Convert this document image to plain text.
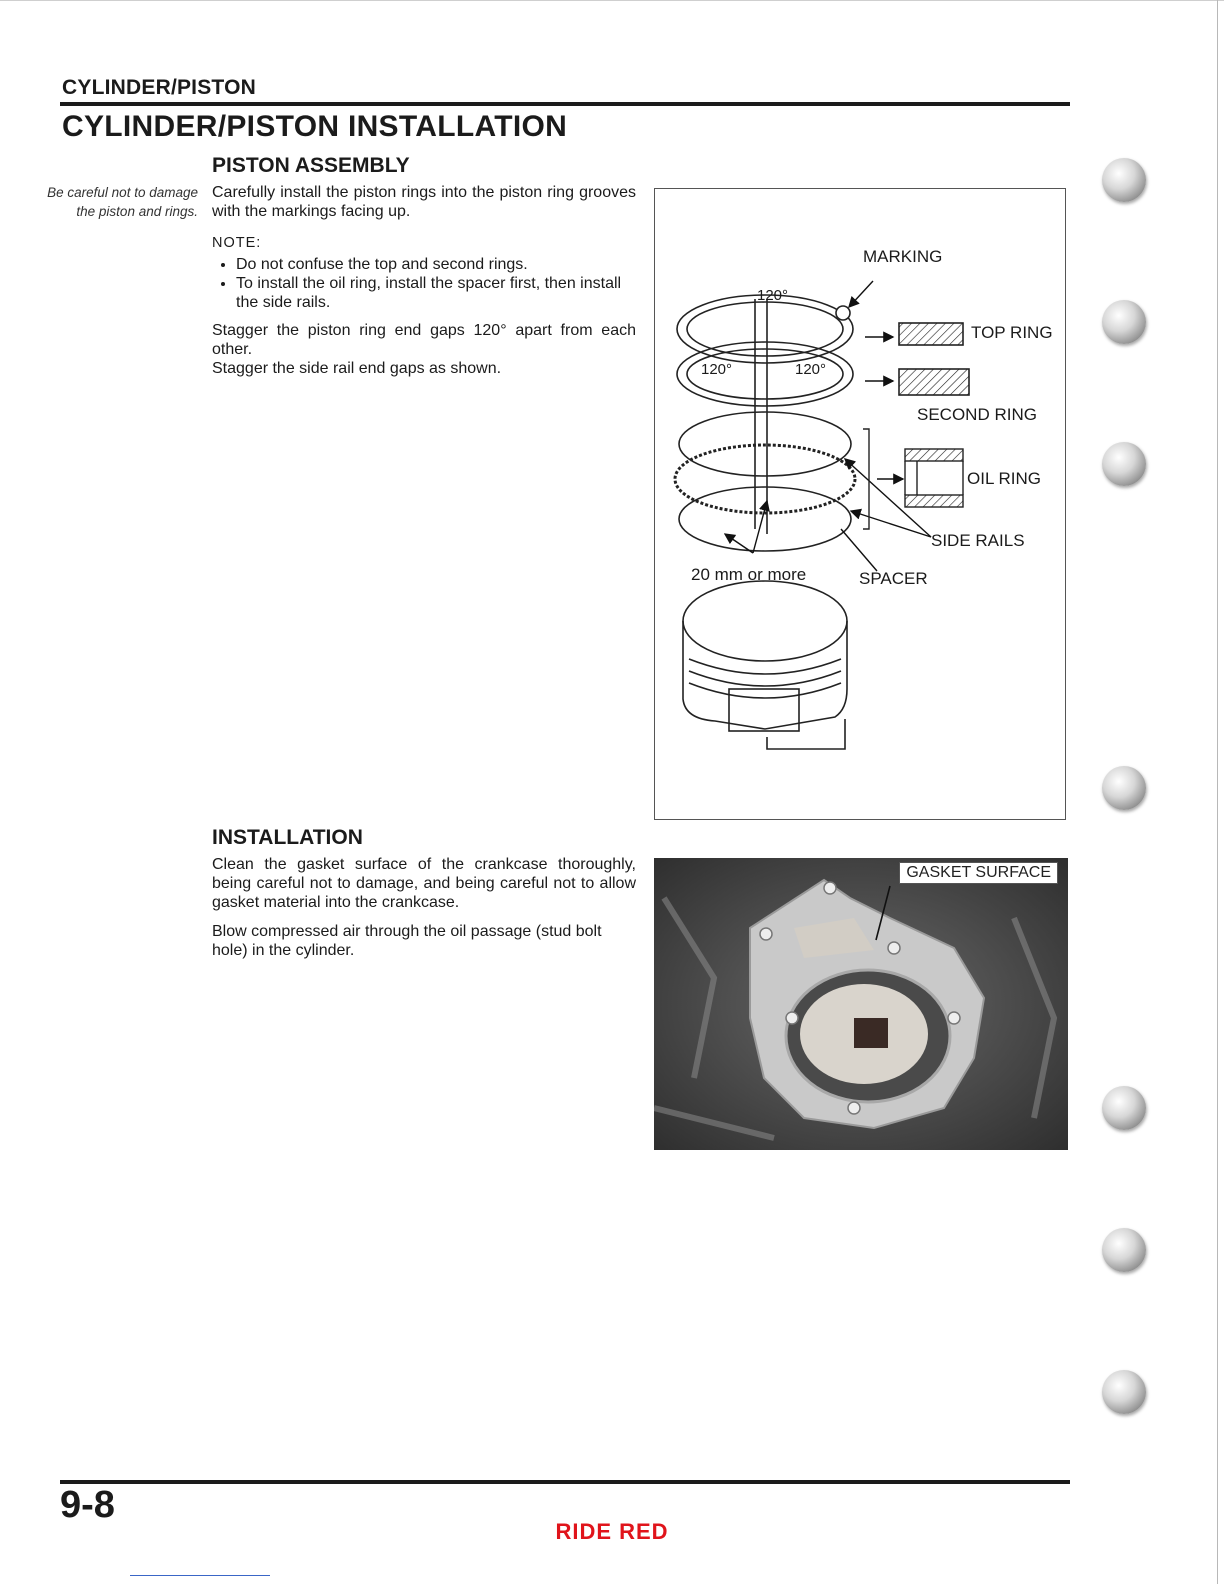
CYLINDER/PISTON
CYLINDER/PISTON INSTALLATION
PISTON ASSEMBLY
Be careful not to damage the piston and rings.
Carefully install the piston rings into the piston ring grooves with the markings facing up.
NOTE:
• Do not confuse the top and second rings.
• To install the oil ring, install the spacer first, then install the side rails.
Stagger the piston ring end gaps 120° apart from each other.
Stagger the side rail end gaps as shown.
MARKING
120°
120°	120°
TOP RING
SECOND RING
OIL RING
SIDE RAILS
20 mm or more	SPACER
INSTALLATION
Clean the gasket surface of the crankcase thoroughly, being careful not to damage, and being careful not to allow gasket material into the crankcase.
Blow compressed air through the oil passage (stud bolt hole) in the cylinder.
GASKET SURFACE
9-8
RIDE RED
